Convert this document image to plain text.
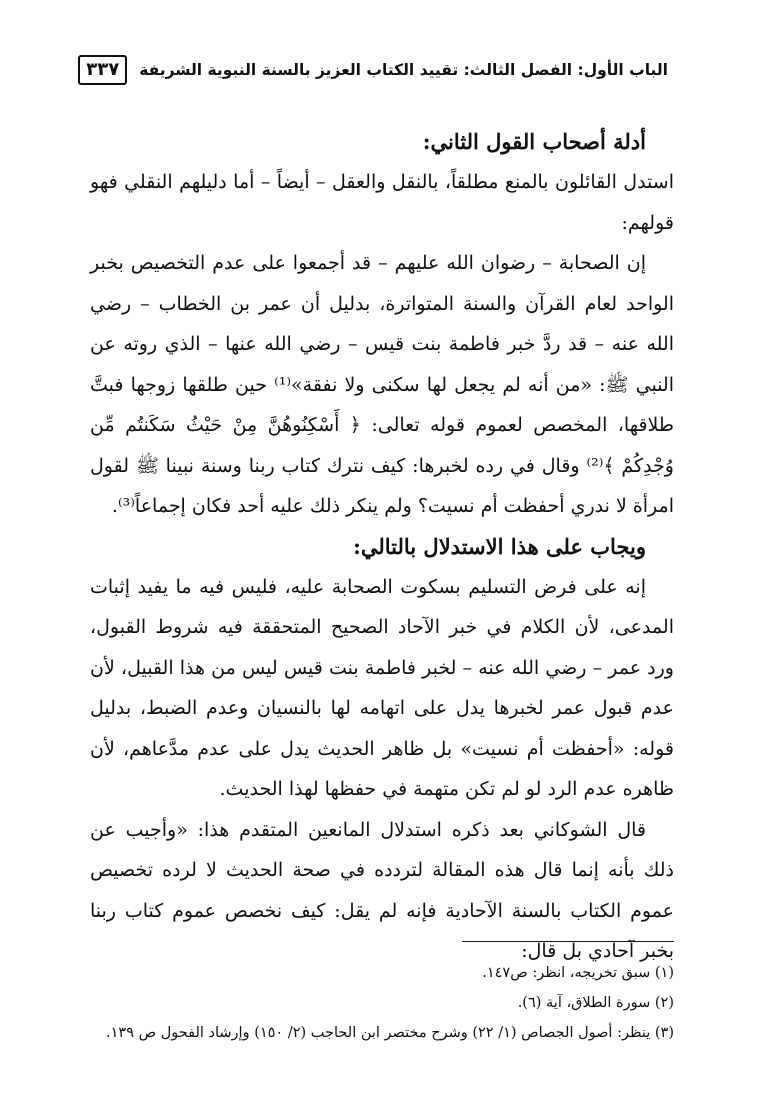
الباب الأول: الفصل الثالث: تقييد الكتاب العزيز بالسنة النبوية الشريفة
٣٣٧

أدلة أصحاب القول الثاني:

استدل القائلون بالمنع مطلقاً، بالنقل والعقل – أيضاً – أما دليلهم النقلي فهو قولهم:

إن الصحابة – رضوان الله عليهم – قد أجمعوا على عدم التخصيص بخبر الواحد لعام القرآن والسنة المتواترة، بدليل أن عمر بن الخطاب – رضي الله عنه – قد ردَّ خبر فاطمة بنت قيس – رضي الله عنها – الذي روته عن النبي ﷺ: «من أنه لم يجعل لها سكنى ولا نفقة»⁽¹⁾ حين طلقها زوجها فبتَّ طلاقها، المخصص لعموم قوله تعالى: ﴿ أَسْكِنُوهُنَّ مِنْ حَيْثُ سَكَنتُم مِّن وُجْدِكُمْ ﴾⁽²⁾ وقال في رده لخبرها: كيف نترك كتاب ربنا وسنة نبينا ﷺ لقول امرأة لا ندري أحفظت أم نسيت؟ ولم ينكر ذلك عليه أحد فكان إجماعاً⁽³⁾.

ويجاب على هذا الاستدلال بالتالي:

إنه على فرض التسليم بسكوت الصحابة عليه، فليس فيه ما يفيد إثبات المدعى، لأن الكلام في خبر الآحاد الصحيح المتحققة فيه شروط القبول، ورد عمر – رضي الله عنه – لخبر فاطمة بنت قيس ليس من هذا القبيل، لأن عدم قبول عمر لخبرها يدل على اتهامه لها بالنسيان وعدم الضبط، بدليل قوله: «أحفظت أم نسيت» بل ظاهر الحديث يدل على عدم مدَّعاهم، لأن ظاهره عدم الرد لو لم تكن متهمة في حفظها لهذا الحديث.

قال الشوكاني بعد ذكره استدلال المانعين المتقدم هذا: «وأجيب عن ذلك بأنه إنما قال هذه المقالة لتردده في صحة الحديث لا لرده تخصيص عموم الكتاب بالسنة الآحادية فإنه لم يقل: كيف نخصص عموم كتاب ربنا بخبر آحادي بل قال:

(١) سبق تخريجه، انظر: ص١٤٧.

(٢) سورة الطلاق، آية (٦).

(٣) ينظر: أصول الجصاص (١/ ٢٢) وشرح مختصر ابن الحاجب (٢/ ١٥٠) وإرشاد الفحول ص ١٣٩.
